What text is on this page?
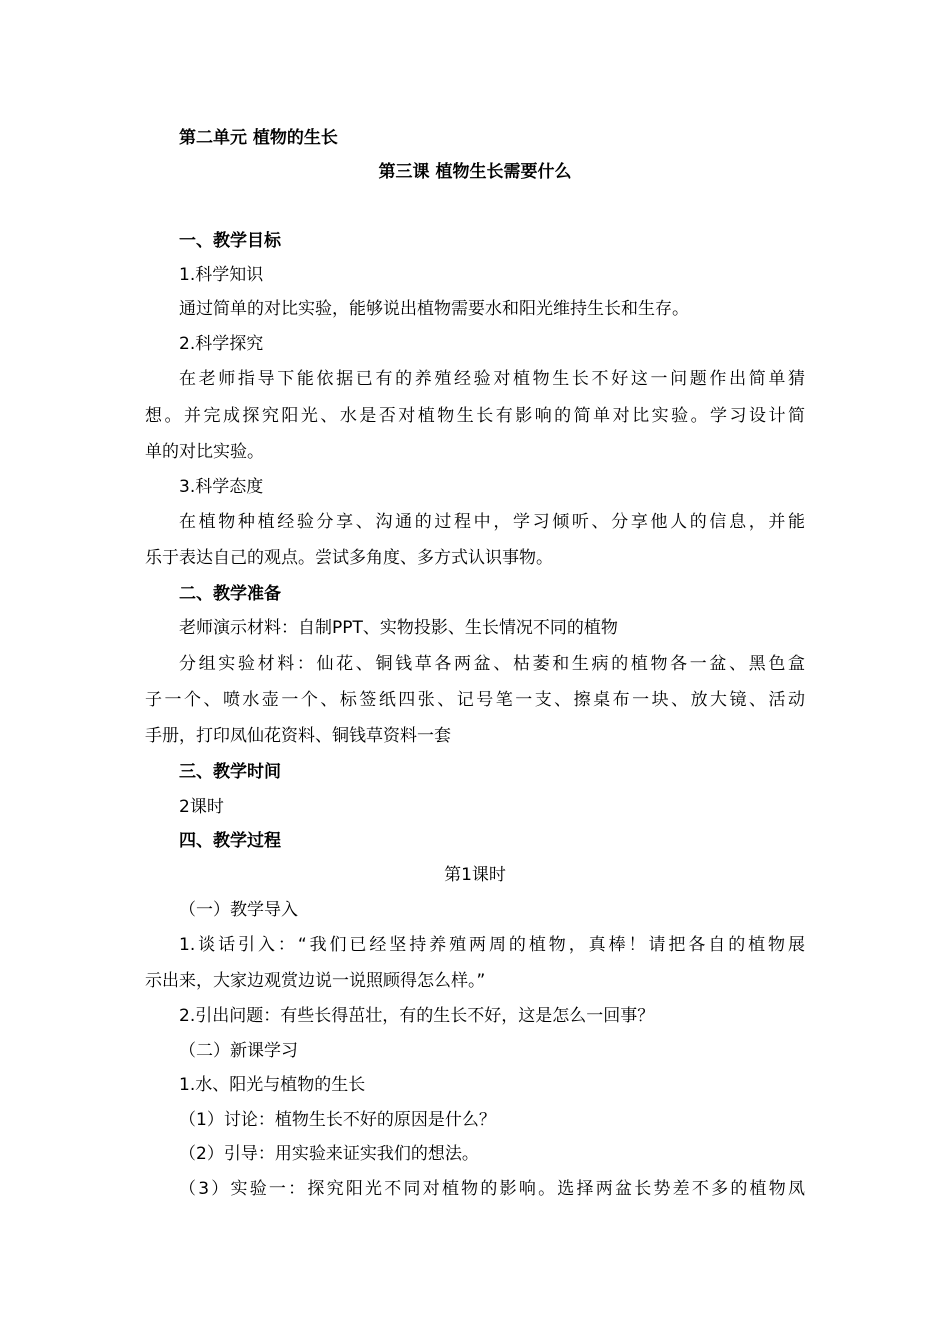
第二单元 植物的生长
第三课 植物生长需要什么
一、教学目标
1.科学知识
通过简单的对比实验，能够说出植物需要水和阳光维持生长和生存。
2.科学探究
在老师指导下能依据已有的养殖经验对植物生长不好这一问题作出简单猜
想。并完成探究阳光、水是否对植物生长有影响的简单对比实验。学习设计简
单的对比实验。
3.科学态度
在植物种植经验分享、沟通的过程中，学习倾听、分享他人的信息，并能
乐于表达自己的观点。尝试多角度、多方式认识事物。
二、教学准备
老师演示材料：自制PPT、实物投影、生长情况不同的植物
分组实验材料：仙花、铜钱草各两盆、枯萎和生病的植物各一盆、黑色盒
子一个、喷水壶一个、标签纸四张、记号笔一支、擦桌布一块、放大镜、活动
手册，打印凤仙花资料、铜钱草资料一套
三、教学时间
2课时
四、教学过程
第1课时
（一）教学导入
1.谈话引入：“我们已经坚持养殖两周的植物，真棒！请把各自的植物展
示出来，大家边观赏边说一说照顾得怎么样。”
2.引出问题：有些长得茁壮，有的生长不好，这是怎么一回事？
（二）新课学习
1.水、阳光与植物的生长
（1）讨论：植物生长不好的原因是什么？
（2）引导：用实验来证实我们的想法。
（3）实验一：探究阳光不同对植物的影响。选择两盆长势差不多的植物凤
